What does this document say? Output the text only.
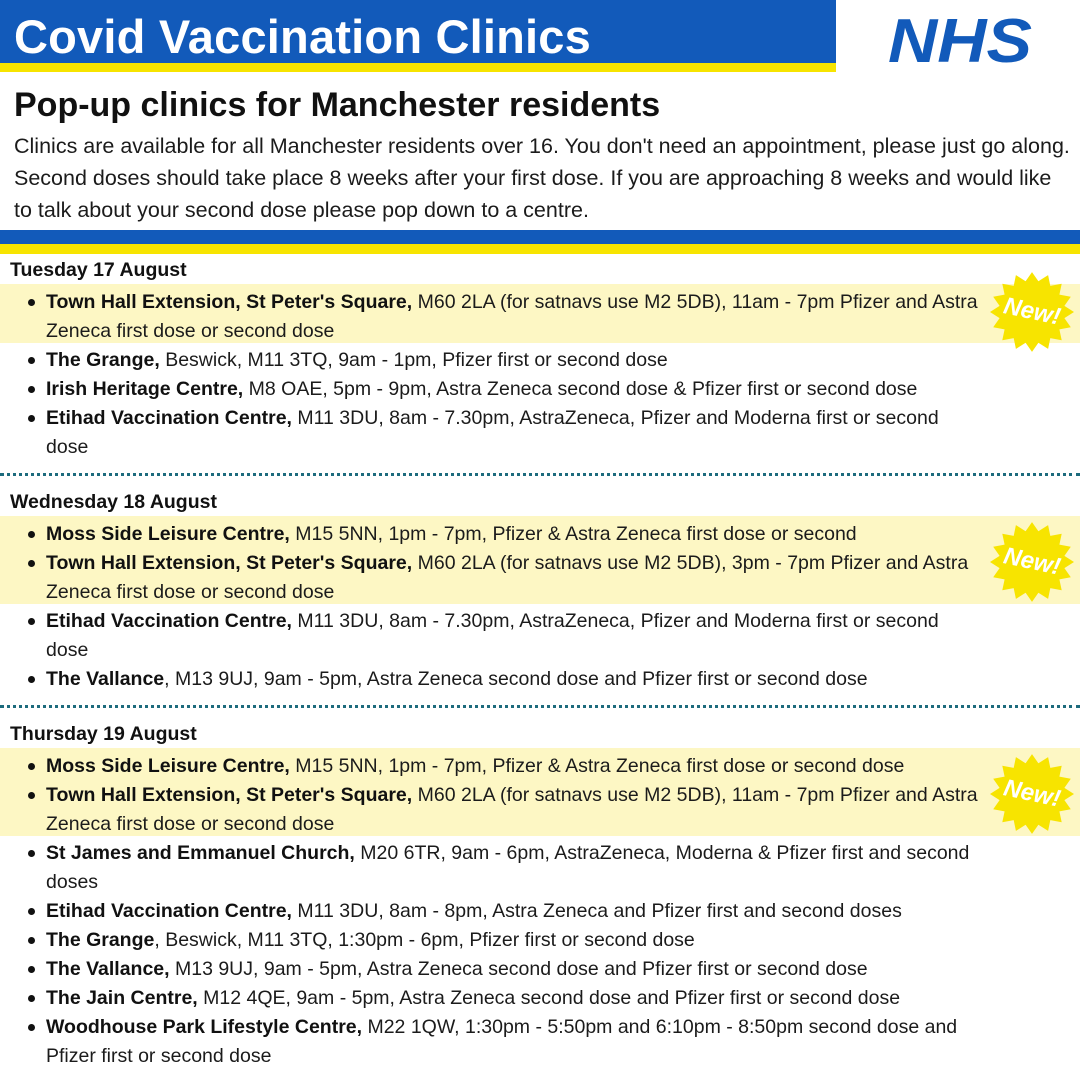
Covid Vaccination Clinics	NHS
Pop-up clinics for Manchester residents

Clinics are available for all Manchester residents over 16. You don't need an appointment, please just go along. Second doses should take place 8 weeks after your first dose. If you are approaching 8 weeks and would like to talk about your second dose please pop down to a centre.

Tuesday 17 August
Town Hall Extension, St Peter's Square, M60 2LA (for satnavs use M2 5DB), 11am - 7pm Pfizer and Astra Zeneca first dose or second dose
The Grange, Beswick, M11 3TQ, 9am - 1pm, Pfizer first or second dose
Irish Heritage Centre, M8 OAE, 5pm - 9pm, Astra Zeneca second dose & Pfizer first or second dose
Etihad Vaccination Centre, M11 3DU, 8am - 7.30pm, AstraZeneca, Pfizer and Moderna first or second dose
New!
Wednesday 18 August
Moss Side Leisure Centre, M15 5NN, 1pm - 7pm, Pfizer & Astra Zeneca first dose or second
Town Hall Extension, St Peter's Square, M60 2LA (for satnavs use M2 5DB), 3pm - 7pm Pfizer and Astra Zeneca first dose or second dose
Etihad Vaccination Centre, M11 3DU, 8am - 7.30pm, AstraZeneca, Pfizer and Moderna first or second dose
The Vallance, M13 9UJ, 9am - 5pm, Astra Zeneca second dose and Pfizer first or second dose
New!
Thursday 19 August
Moss Side Leisure Centre, M15 5NN, 1pm - 7pm, Pfizer & Astra Zeneca first dose or second dose
Town Hall Extension, St Peter's Square, M60 2LA (for satnavs use M2 5DB), 11am - 7pm Pfizer and Astra Zeneca first dose or second dose
St James and Emmanuel Church, M20 6TR, 9am - 6pm, AstraZeneca, Moderna & Pfizer first and second doses
Etihad Vaccination Centre, M11 3DU, 8am - 8pm, Astra Zeneca and Pfizer first and second doses
The Grange, Beswick, M11 3TQ, 1:30pm - 6pm, Pfizer first or second dose
The Vallance, M13 9UJ, 9am - 5pm, Astra Zeneca second dose and Pfizer first or second dose
The Jain Centre, M12 4QE, 9am - 5pm, Astra Zeneca second dose and Pfizer first or second dose
Woodhouse Park Lifestyle Centre, M22 1QW, 1:30pm - 5:50pm and 6:10pm - 8:50pm second dose and Pfizer first or second dose
New!
